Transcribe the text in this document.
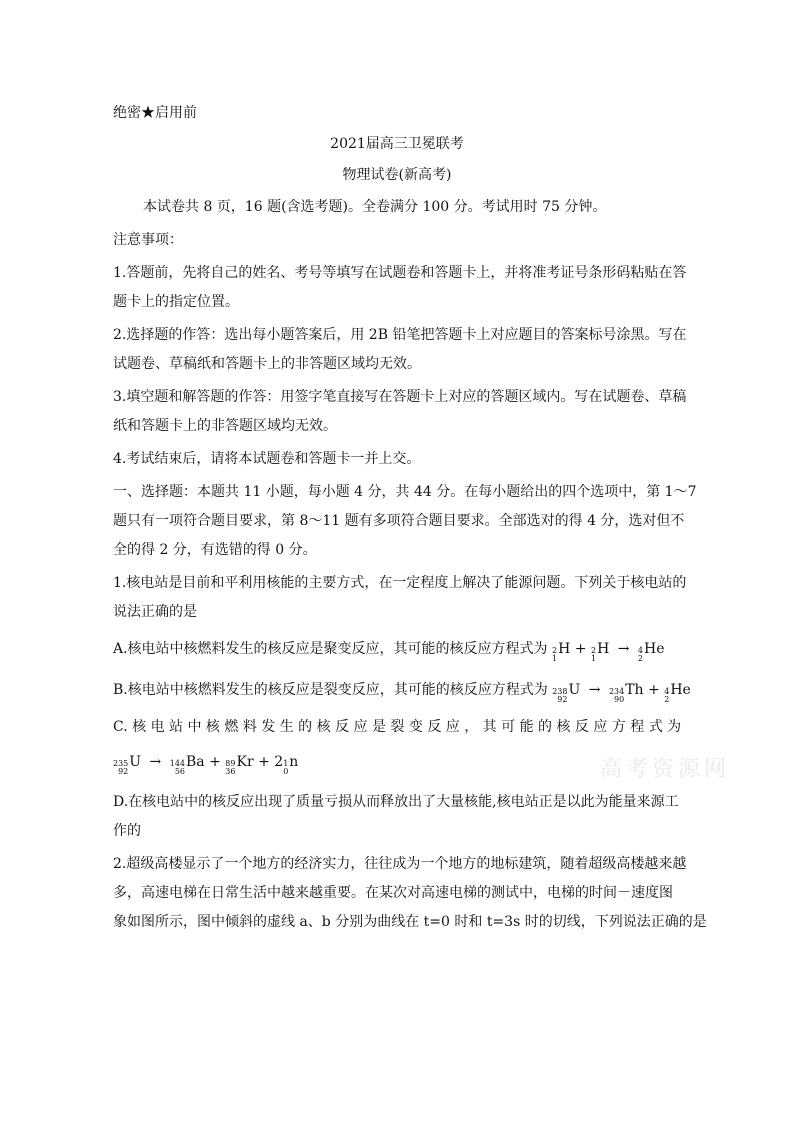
绝密★启用前
2021届高三卫冕联考
物理试卷(新高考)
本试卷共 8 页，16 题(含选考题)。全卷满分 100 分。考试用时 75 分钟。
注意事项：
1.答题前，先将自己的姓名、考号等填写在试题卷和答题卡上，并将准考证号条形码粘贴在答
题卡上的指定位置。
2.选择题的作答：选出每小题答案后，用 2B 铅笔把答题卡上对应题目的答案标号涂黑。写在
试题卷、草稿纸和答题卡上的非答题区域均无效。
3.填空题和解答题的作答：用签字笔直接写在答题卡上对应的答题区域内。写在试题卷、草稿
纸和答题卡上的非答题区域均无效。
4.考试结束后，请将本试题卷和答题卡一并上交。
一、选择题：本题共 11 小题，每小题 4 分，共 44 分。在每小题给出的四个选项中，第 1～7
题只有一项符合题目要求，第 8～11 题有多项符合题目要求。全部选对的得 4 分，选对但不
全的得 2 分，有选错的得 0 分。
1.核电站是目前和平利用核能的主要方式，在一定程度上解决了能源问题。下列关于核电站的
说法正确的是
A.核电站中核燃料发生的核反应是聚变反应，其可能的核反应方程式为 2
1
H + 2
1
H → 4
2
He
B.核电站中核燃料发生的核反应是裂变反应，其可能的核反应方程式为 238
92
U → 234
90
Th + 4
2
He
C. 核 电 站 中 核 燃 料 发 生 的 核 反 应 是 裂 变 反 应 ， 其 可 能 的 核 反 应 方 程 式 为
235
92
U → 144
56
Ba + 89
36
Kr + 2 1
0
n
D.在核电站中的核反应出现了质量亏损从而释放出了大量核能,核电站正是以此为能量来源工
作的
2.超级高楼显示了一个地方的经济实力，往往成为一个地方的地标建筑，随着超级高楼越来越
多，高速电梯在日常生活中越来越重要。在某次对高速电梯的测试中，电梯的时间－速度图
象如图所示，图中倾斜的虚线 a、b 分别为曲线在 t=0 时和 t=3s 时的切线，下列说法正确的是
高考资源网
